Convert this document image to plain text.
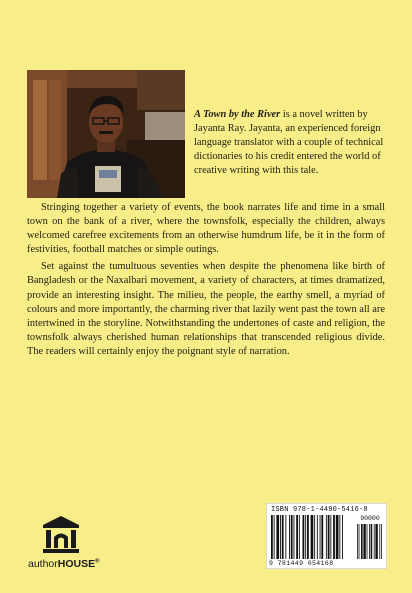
A Town by the River is a novel written by Jayanta Ray. Jayanta, an experienced foreign language translator with a couple of technical dictionaries to his credit entered the world of creative writing with this tale.

Stringing together a variety of events, the book narrates life and time in a small town on the bank of a river, where the townsfolk, especially the children, always welcomed carefree excitements from an otherwise humdrum life, be it in the form of festivities, football matches or simple outings.

Set against the tumultuous seventies when despite the phenomena like birth of Bangladesh or the Naxalbari movement, a variety of characters, at times dramatized, provide an interesting insight. The milieu, the people, the earthy smell, a myriad of colours and more importantly, the charming river that lazily went past the town all are intertwined in the storyline. Notwithstanding the undertones of caste and religion, the townsfolk always cherished human relationships that transcended religious divide. The readers will certainly enjoy the poignant style of narration.

authorHOUSE®
ISBN 978-1-4490-5416-8
90000
9 781449 054168
